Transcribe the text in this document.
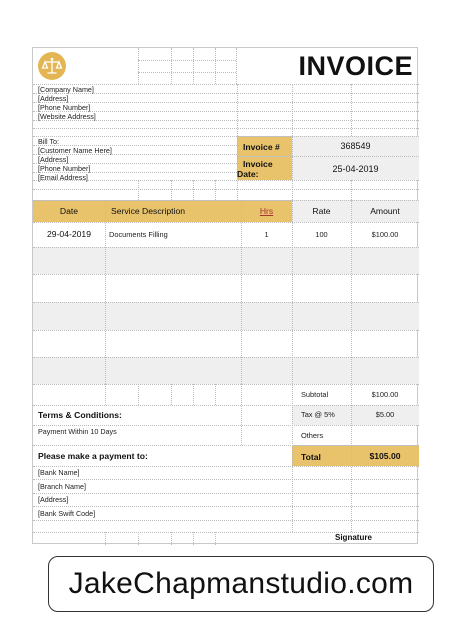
INVOICE
[Company Name]
[Address]
[Phone Number]
[Website Address]
Bill To:
[Customer Name Here]
[Address]
[Phone Number]
[Email Address]
Invoice #	368549
Invoice
Date:	25-04-2019
Date	Service Description	Hrs	Rate	Amount
29-04-2019	Documents Filling	1	100	$100.00
Subtotal	$100.00
Tax @ 5%	$5.00
Others
Total	$105.00
Terms & Conditions:
Payment Within 10 Days
Please make a payment to:
[Bank Name]
[Branch Name]
[Address]
[Bank Swift Code]
Signature
JakeChapmanstudio.com
